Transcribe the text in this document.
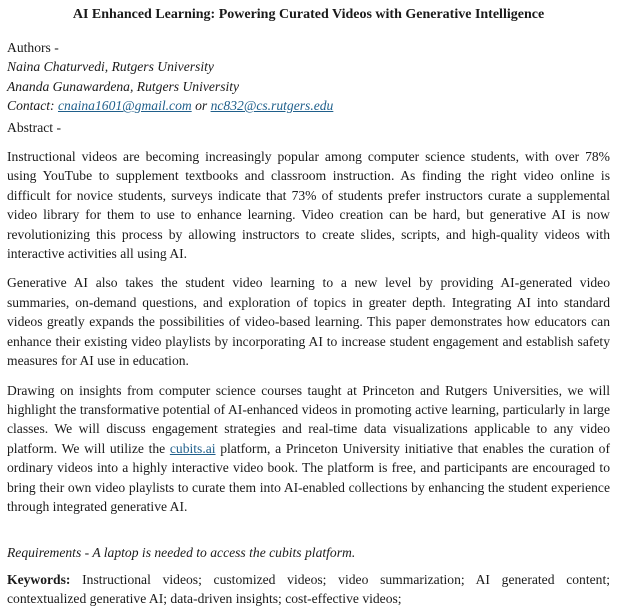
AI Enhanced Learning: Powering Curated Videos with Generative Intelligence
Authors -
Naina Chaturvedi, Rutgers University
Ananda Gunawardena, Rutgers University
Contact: cnaina1601@gmail.com or nc832@cs.rutgers.edu
Abstract -

Instructional videos are becoming increasingly popular among computer science students, with over 78% using YouTube to supplement textbooks and classroom instruction. As finding the right video online is difficult for novice students, surveys indicate that 73% of students prefer instructors curate a supplemental video library for them to use to enhance learning. Video creation can be hard, but generative AI is now revolutionizing this process by allowing instructors to create slides, scripts, and high-quality videos with interactive activities all using AI.

Generative AI also takes the student video learning to a new level by providing AI-generated video summaries, on-demand questions, and exploration of topics in greater depth. Integrating AI into standard videos greatly expands the possibilities of video-based learning. This paper demonstrates how educators can enhance their existing video playlists by incorporating AI to increase student engagement and establish safety measures for AI use in education.

Drawing on insights from computer science courses taught at Princeton and Rutgers Universities, we will highlight the transformative potential of AI-enhanced videos in promoting active learning, particularly in large classes. We will discuss engagement strategies and real-time data visualizations applicable to any video platform. We will utilize the cubits.ai platform, a Princeton University initiative that enables the curation of ordinary videos into a highly interactive video book. The platform is free, and participants are encouraged to bring their own video playlists to curate them into AI-enabled collections by enhancing the student experience through integrated generative AI.

Requirements - A laptop is needed to access the cubits platform.

Keywords: Instructional videos; customized videos; video summarization; AI generated content; contextualized generative AI; data-driven insights; cost-effective videos;
